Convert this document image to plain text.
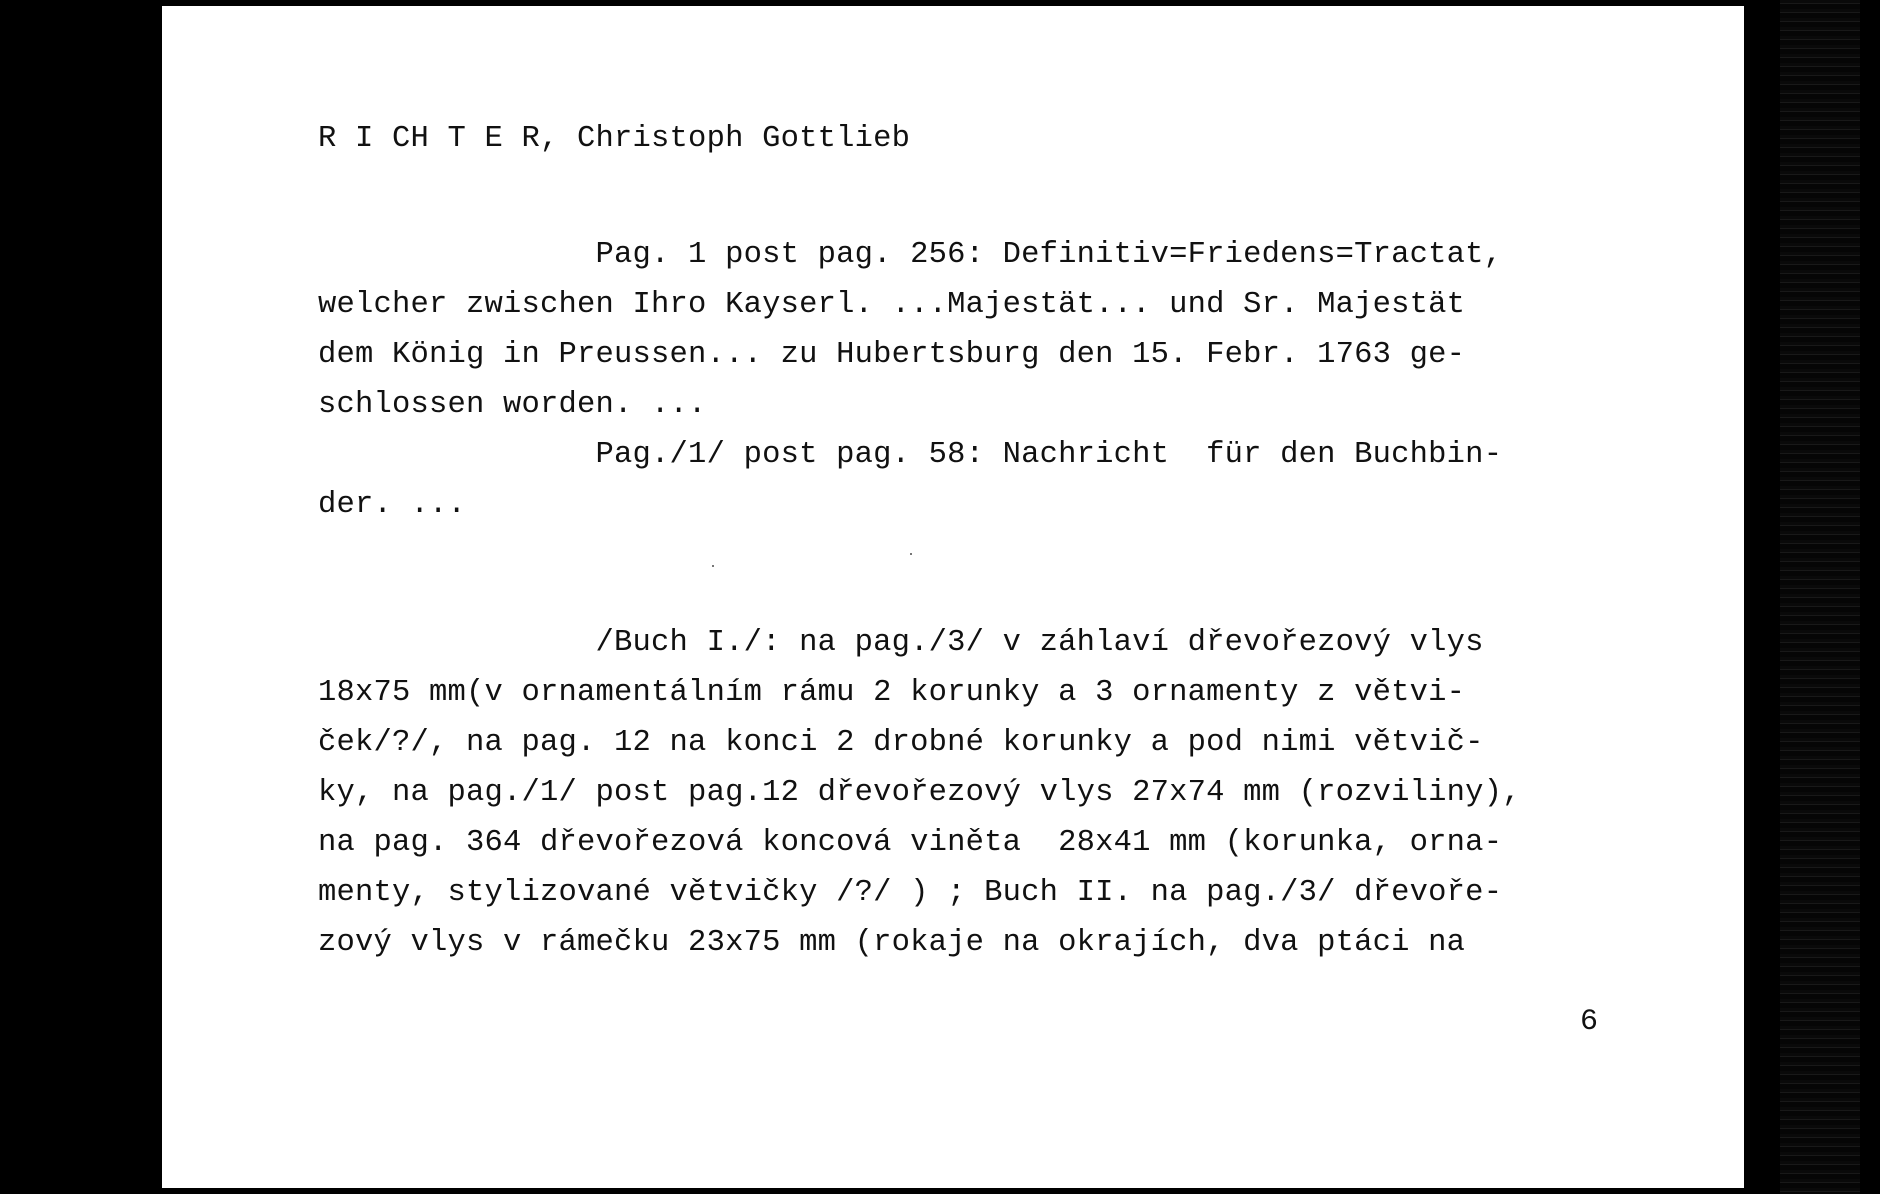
R I CH T E R, Christoph Gottlieb

Pag. 1 post pag. 256: Definitiv=Friedens=Tractat,

welcher zwischen Ihro Kayserl. ...Majestät... und Sr. Majestät

dem König in Preussen... zu Hubertsburg den 15. Febr. 1763 ge-

schlossen worden. ...

Pag./1/ post pag. 58: Nachricht  für den Buchbin-

der. ...

/Buch I./: na pag./3/ v záhlaví dřevořezový vlys

18x75 mm(v ornamentálním rámu 2 korunky a 3 ornamenty z větvi-

ček/?/, na pag. 12 na konci 2 drobné korunky a pod nimi větvič-

ky, na pag./1/ post pag.12 dřevořezový vlys 27x74 mm (rozviliny),

na pag. 364 dřevořezová koncová viněta  28x41 mm (korunka, orna-

menty, stylizované větvičky /?/ ) ; Buch II. na pag./3/ dřevoře-

zový vlys v rámečku 23x75 mm (rokaje na okrajích, dva ptáci na

6
